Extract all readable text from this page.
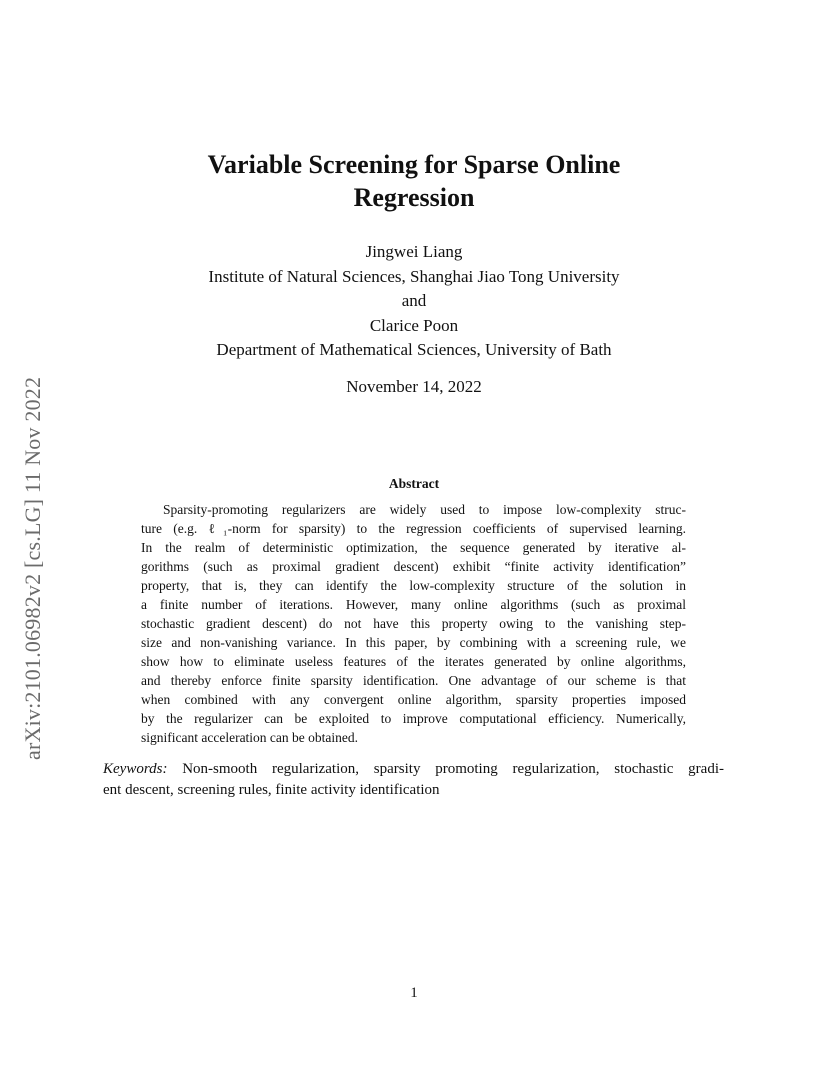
arXiv:2101.06982v2 [cs.LG] 11 Nov 2022
Variable Screening for Sparse Online
Regression
Jingwei Liang
Institute of Natural Sciences, Shanghai Jiao Tong University
and
Clarice Poon
Department of Mathematical Sciences, University of Bath
November 14, 2022
Abstract
Sparsity-promoting regularizers are widely used to impose low-complexity struc-
ture (e.g. ℓ₁-norm for sparsity) to the regression coefficients of supervised learning.
In the realm of deterministic optimization, the sequence generated by iterative al-
gorithms (such as proximal gradient descent) exhibit “finite activity identification”
property, that is, they can identify the low-complexity structure of the solution in
a finite number of iterations. However, many online algorithms (such as proximal
stochastic gradient descent) do not have this property owing to the vanishing step-
size and non-vanishing variance. In this paper, by combining with a screening rule, we
show how to eliminate useless features of the iterates generated by online algorithms,
and thereby enforce finite sparsity identification. One advantage of our scheme is that
when combined with any convergent online algorithm, sparsity properties imposed
by the regularizer can be exploited to improve computational efficiency. Numerically,
significant acceleration can be obtained.
Keywords: Non-smooth regularization, sparsity promoting regularization, stochastic gradi-
ent descent, screening rules, finite activity identification
1
